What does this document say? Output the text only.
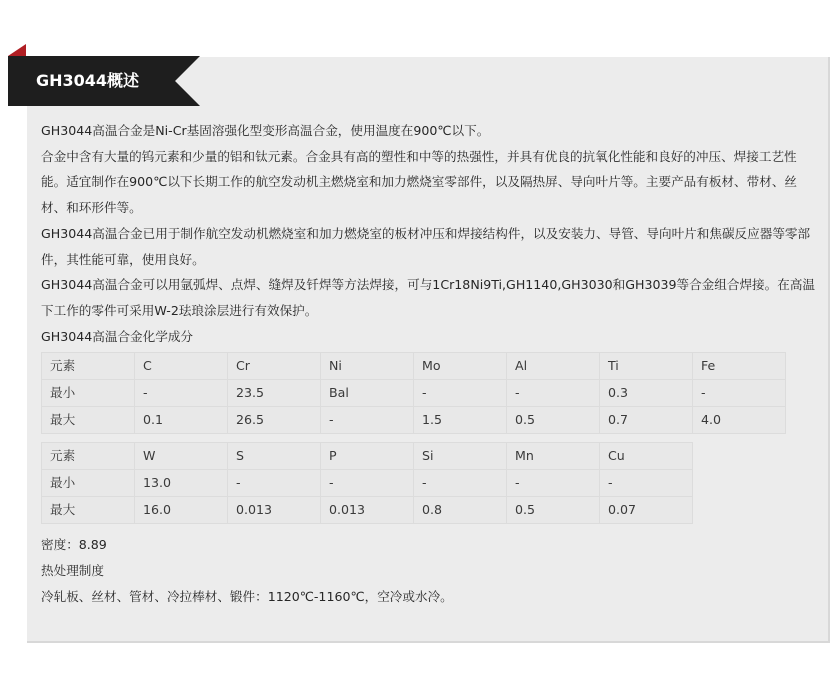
GH3044概述

GH3044高温合金是Ni-Cr基固溶强化型变形高温合金，使用温度在900℃以下。

合金中含有大量的钨元素和少量的铝和钛元素。合金具有高的塑性和中等的热强性，并具有优良的抗氧化性能和良好的冲压、焊接工艺性能。适宜制作在900℃以下长期工作的航空发动机主燃烧室和加力燃烧室零部件，以及隔热屏、导向叶片等。主要产品有板材、带材、丝材、和环形件等。

GH3044高温合金已用于制作航空发动机燃烧室和加力燃烧室的板材冲压和焊接结构件，以及安装力、导管、导向叶片和焦碳反应器等零部件，其性能可靠，使用良好。

GH3044高温合金可以用氩弧焊、点焊、缝焊及钎焊等方法焊接，可与1Cr18Ni9Ti,GH1140,GH3030和GH3039等合金组合焊接。在高温下工作的零件可采用W-2珐琅涂层进行有效保护。

GH3044高温合金化学成分

元素	C	Cr	Ni	Mo	Al	Ti	Fe
最小	-	23.5	Bal	-	-	0.3	-
最大	0.1	26.5	-	1.5	0.5	0.7	4.0
元素	W	S	P	Si	Mn	Cu
最小	13.0	-	-	-	-	-
最大	16.0	0.013	0.013	0.8	0.5	0.07

密度：8.89

热处理制度

冷轧板、丝材、管材、冷拉棒材、锻件：1120℃-1160℃，空冷或水冷。
